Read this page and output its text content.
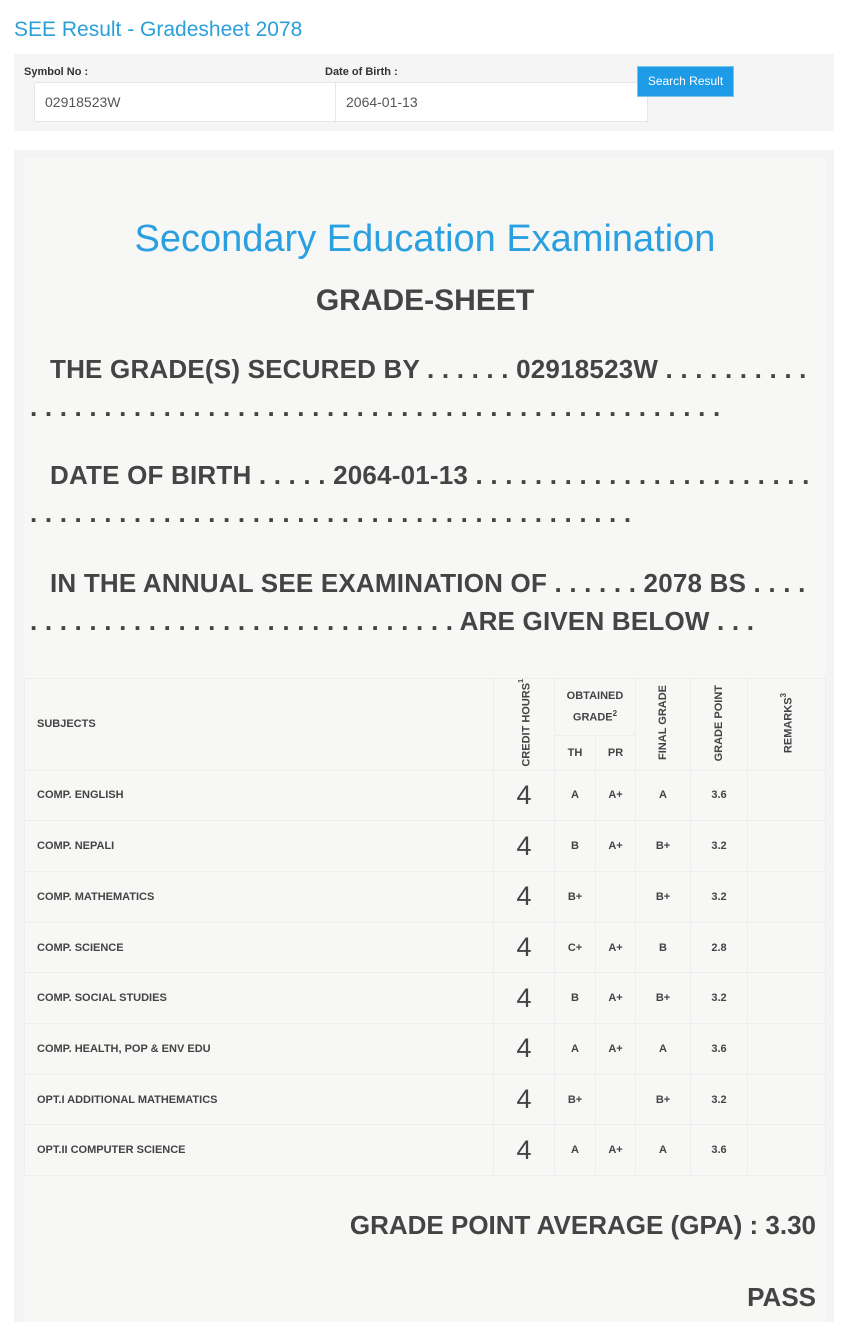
SEE Result - Gradesheet 2078
Symbol No :	Date of Birth :
02918523W	2064-01-13
Search Result
Secondary Education Examination
GRADE-SHEET
THE GRADE(S) SECURED BY . . . . . . 02918523W . . . . . . . . . . . . . . . . . . . . . . . . . . . . . . . . . . . . . . . . . . . . . . . . . . . . . . . . .
DATE OF BIRTH . . . . . 2064-01-13 . . . . . . . . . . . . . . . . . . . . . . . . . . . . . . . . . . . . . . . . . . . . . . . . . . . . . . . . . . . . . . . .
IN THE ANNUAL SEE EXAMINATION OF . . . . . . 2078 BS . . . . . . . . . . . . . . . . . . . . . . . . . . . . . . . . . ARE GIVEN BELOW . . .
SUBJECTS	CREDIT HOURS$^1$	OBTAINED GRADE$^2$		FINAL GRADE	GRADE POINT	REMARKS$^3$
		TH	PR			
COMP. ENGLISH	4	A	A+	A	3.6	
COMP. NEPALI	4	B	A+	B+	3.2	
COMP. MATHEMATICS	4	B+		B+	3.2	
COMP. SCIENCE	4	C+	A+	B	2.8	
COMP. SOCIAL STUDIES	4	B	A+	B+	3.2	
COMP. HEALTH, POP & ENV EDU	4	A	A+	A	3.6	
OPT.I ADDITIONAL MATHEMATICS	4	B+		B+	3.2	
OPT.II COMPUTER SCIENCE	4	A	A+	A	3.6	
GRADE POINT AVERAGE (GPA) : 3.30
PASS
